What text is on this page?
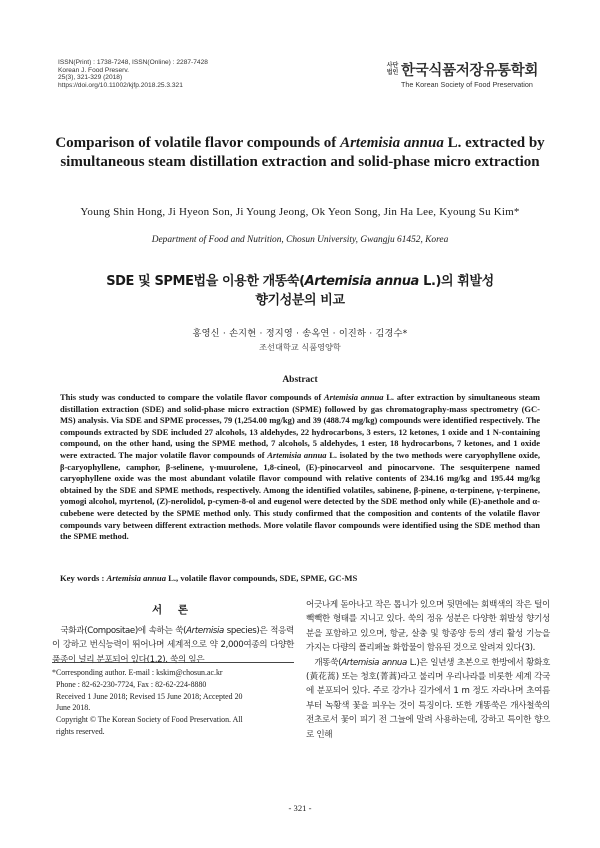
ISSN(Print) : 1738-7248, ISSN(Online) : 2287-7428
Korean J. Food Preserv.
25(3), 321-329 (2018)
https://doi.org/10.11002/kjfp.2018.25.3.321
사단법인 한국식품저장유통학회
The Korean Society of Food Preservation
Comparison of volatile flavor compounds of Artemisia annua L. extracted by simultaneous steam distillation extraction and solid-phase micro extraction
Young Shin Hong, Ji Hyeon Son, Ji Young Jeong, Ok Yeon Song, Jin Ha Lee, Kyoung Su Kim*
Department of Food and Nutrition, Chosun University, Gwangju 61452, Korea
SDE 및 SPME법을 이용한 개똥쑥(Artemisia annua L.)의 휘발성
향기성분의 비교
홍영신 · 손지현 · 정지영 · 송옥연 · 이진하 · 김경수*
조선대학교 식품영양학
Abstract
This study was conducted to compare the volatile flavor compounds of Artemisia annua L. after extraction by simultaneous steam distillation extraction (SDE) and solid-phase micro extraction (SPME) followed by gas chromatography-mass spectrometry (GC-MS) analysis. Via SDE and SPME processes, 79 (1,254.00 mg/kg) and 39 (488.74 mg/kg) compounds were identified respectively. The compounds extracted by SDE included 27 alcohols, 13 aldehydes, 22 hydrocarbons, 3 esters, 12 ketones, 1 oxide and 1 N-containing compound, on the other hand, using the SPME method, 7 alcohols, 5 aldehydes, 1 ester, 18 hydrocarbons, 7 ketones, and 1 oxide were extracted. The major volatile flavor compounds of Artemisia annua L. isolated by the two methods were caryophyllene oxide, β-caryophyllene, camphor, β-selinene, γ-muurolene, 1,8-cineol, (E)-pinocarveol and pinocarvone. The sesquiterpene named caryophyllene oxide was the most abundant volatile flavor compound with relative contents of 234.16 mg/kg and 195.44 mg/kg obtained by the SDE and SPME methods, respectively. Among the identified volatiles, sabinene, β-pinene, α-terpinene, γ-terpinene, yomogi alcohol, myrtenol, (Z)-nerolidol, p-cymen-8-ol and eugenol were detected by the SDE method only while (E)-anethole and α-cubebene were detected by the SPME method only. This study confirmed that the composition and contents of the volatile flavor compounds vary between different extraction methods. More volatile flavor compounds were identified using the SDE method than the SPME method.
Key words : Artemisia annua L., volatile flavor compounds, SDE, SPME, GC-MS
서 론
국화과(Compositae)에 속하는 쑥(Artemisia species)은 적응력이 강하고 번식능력이 뛰어나며 세계적으로 약 2,000여종의 다양한 품종이 널리 분포되어 있다(1,2). 쑥의 잎은
*Corresponding author. E-mail : kskim@chosun.ac.kr
Phone : 82-62-230-7724, Fax : 82-62-224-8880
Received 1 June 2018; Revised 15 June 2018; Accepted 20
June 2018.
Copyright © The Korean Society of Food Preservation. All
rights reserved.
어긋나게 돋아나고 작은 톱니가 있으며 뒷면에는 회백색의 작은 털이 빽빽한 형태를 지니고 있다. 쑥의 정유 성분은 다양한 휘발성 향기성분을 포함하고 있으며, 항균, 살충 및 항종양 등의 생리 활성 기능을 가지는 다량의 폴리페놀 화합물이 함유된 것으로 알려져 있다(3).
개똥쑥(Artemisia annua L.)은 일년생 초본으로 한방에서 황화호(黃花蒿) 또는 청호(菁蒿)라고 불리며 우리나라를 비롯한 세계 각국에 분포되어 있다. 주로 강가나 길가에서 1 m 정도 자라나며 초여름부터 녹황색 꽃을 피우는 것이 특징이다. 또한 개똥쑥은 개사철쑥의 전초로서 꽃이 피기 전 그늘에 말려 사용하는데, 강하고 특이한 향으로 인해
- 321 -
